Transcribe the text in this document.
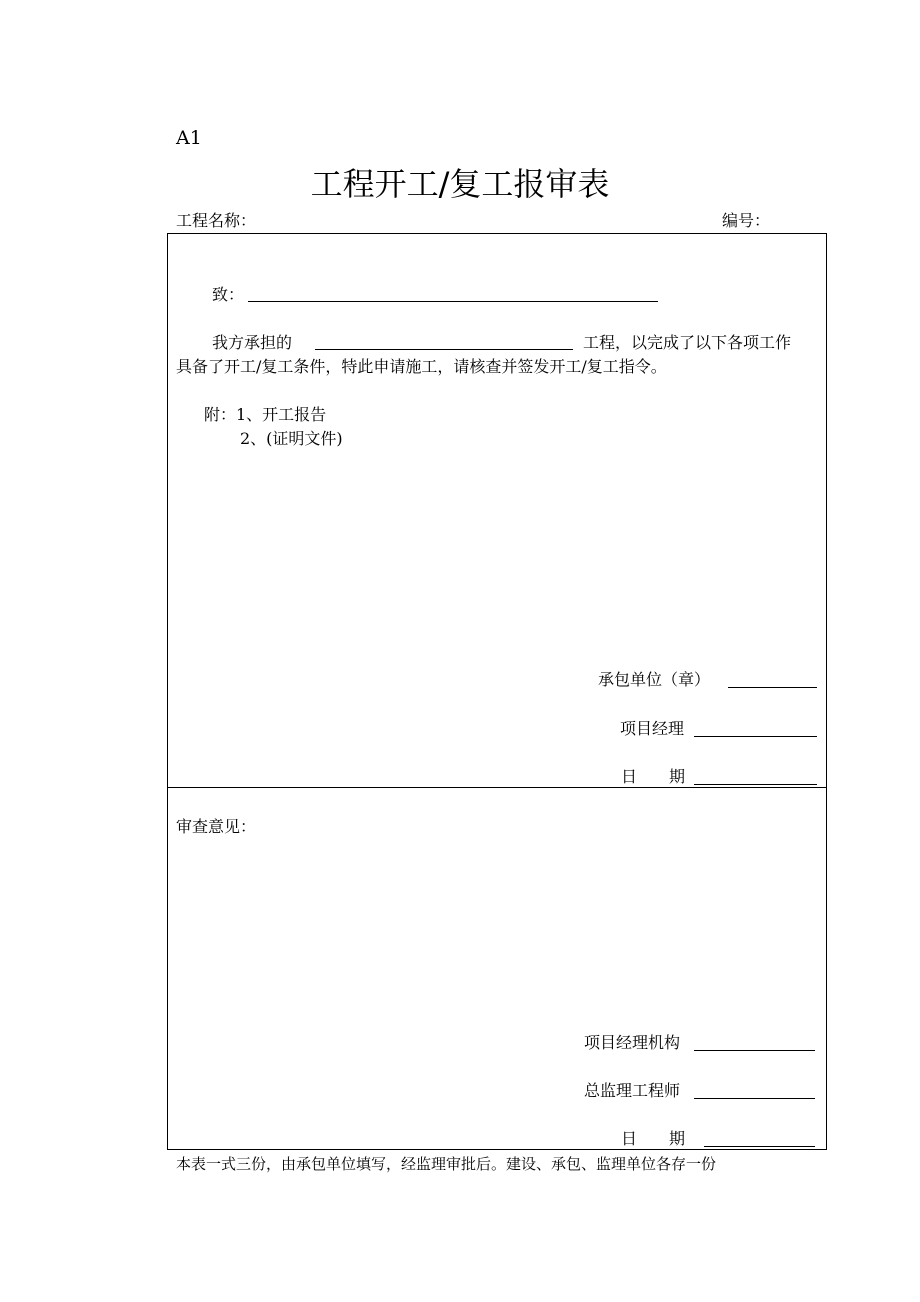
A1
工程开工/复工报审表
工程名称：	编号：
致：
我方承担的	工程，以完成了以下各项工作
具备了开工/复工条件，特此申请施工，请核查并签发开工/复工指令。
附：1、开工报告
2、(证明文件)
承包单位（章）
项目经理
日　　期
审查意见：
项目经理机构
总监理工程师
日　　期
本表一式三份，由承包单位填写，经监理审批后。建设、承包、监理单位各存一份
